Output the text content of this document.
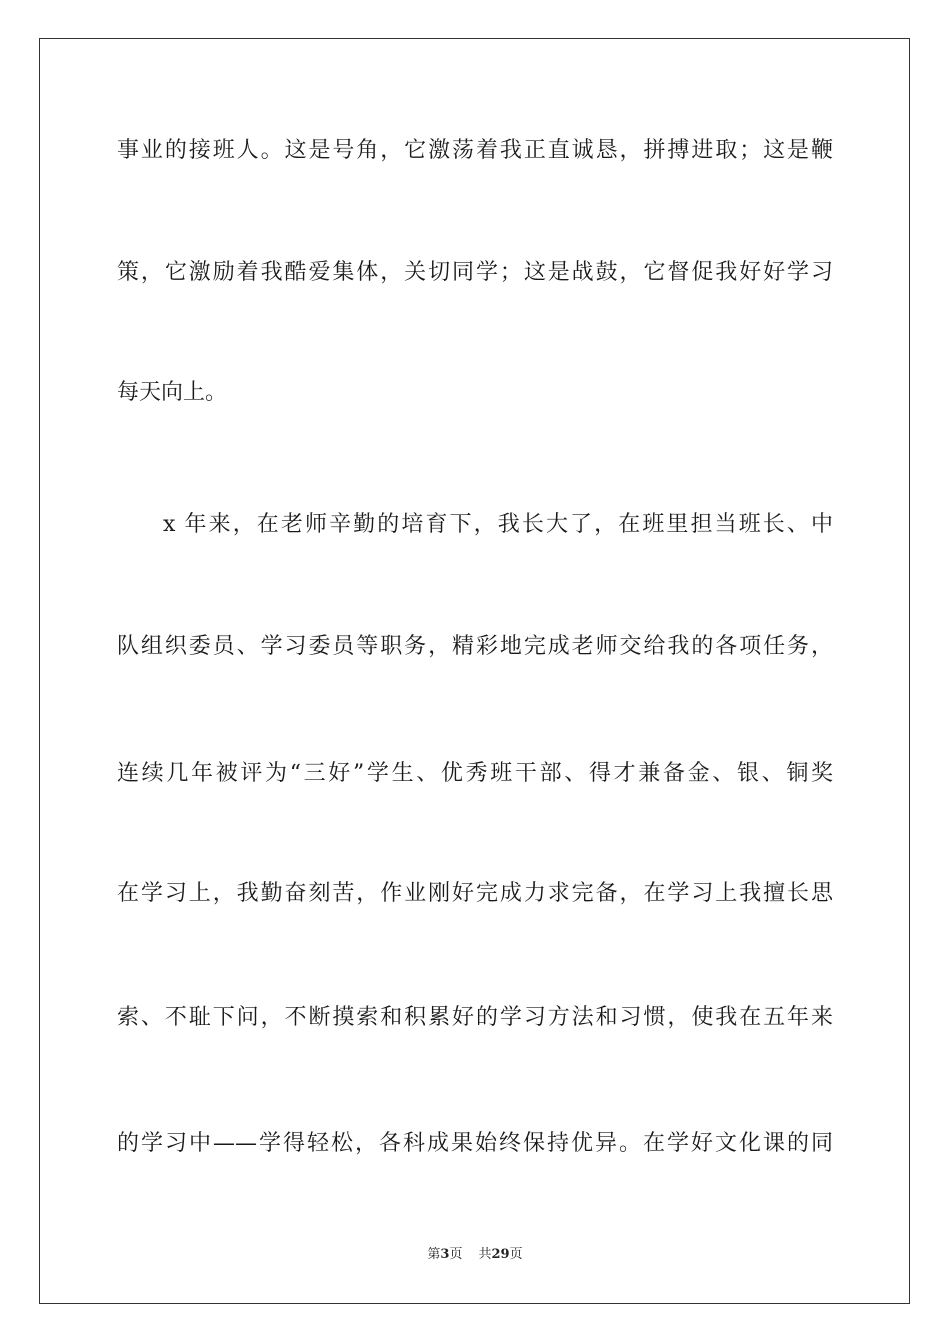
事业的接班人。这是号角，它激荡着我正直诚恳，拼搏进取；这是鞭
策，它激励着我酷爱集体，关切同学；这是战鼓，它督促我好好学习
每天向上。
x 年来，在老师辛勤的培育下，我长大了，在班里担当班长、中
队组织委员、学习委员等职务，精彩地完成老师交给我的各项任务，
连续几年被评为“三好”学生、优秀班干部、得才兼备金、银、铜奖
在学习上，我勤奋刻苦，作业刚好完成力求完备，在学习上我擅长思
索、不耻下问，不断摸索和积累好的学习方法和习惯，使我在五年来
的学习中——学得轻松，各科成果始终保持优异。在学好文化课的同
第3页 共29页
